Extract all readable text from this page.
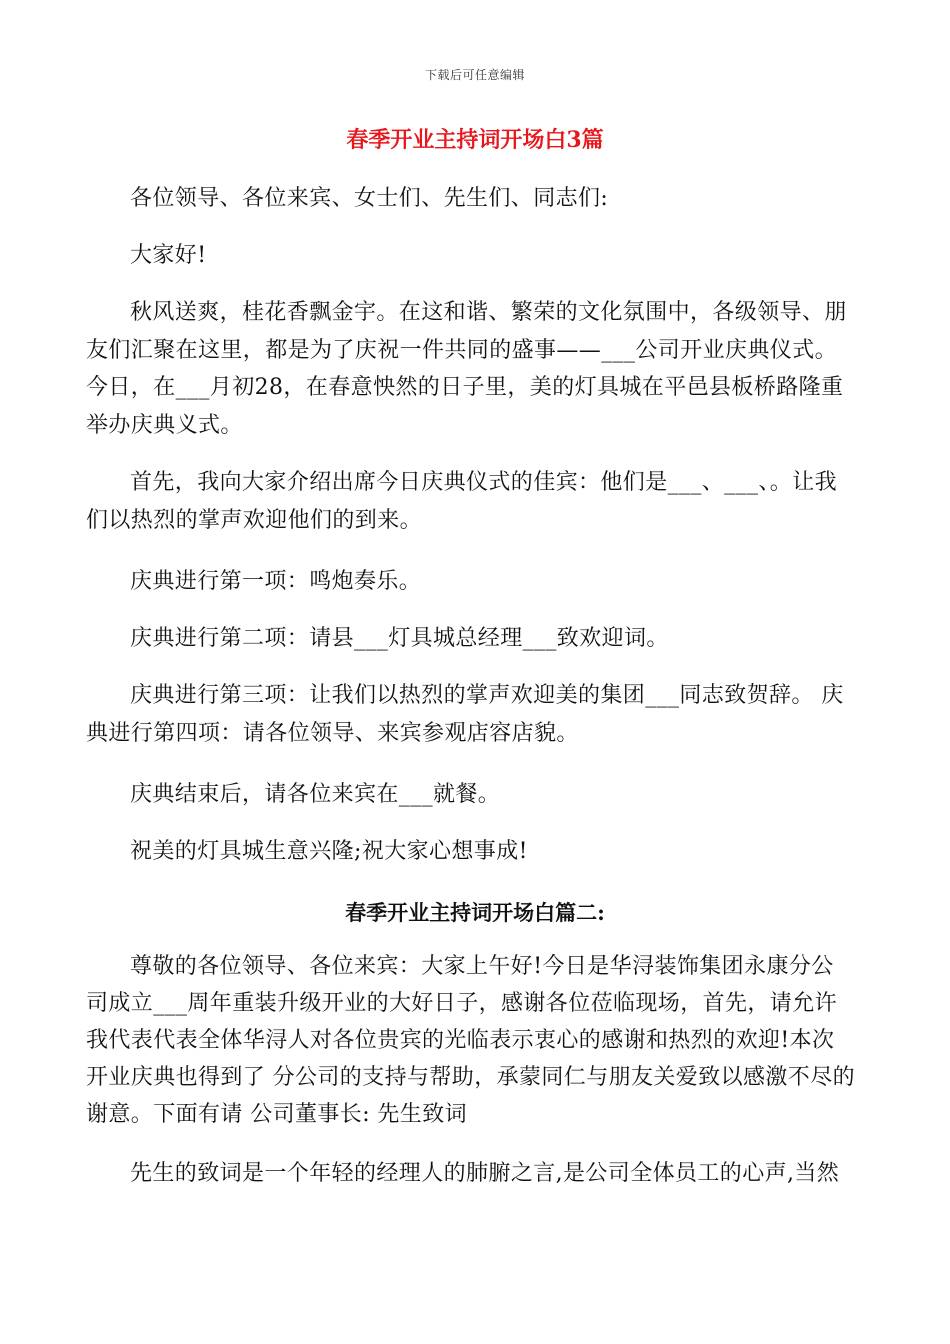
下载后可任意编辑
春季开业主持词开场白3篇
各位领导、各位来宾、女士们、先生们、同志们:
大家好!
秋风送爽，桂花香飘金宇。在这和谐、繁荣的文化氛围中，各级领导、朋友们汇聚在这里，都是为了庆祝一件共同的盛事——___公司开业庆典仪式。今日，在___月初28，在春意怏然的日子里，美的灯具城在平邑县板桥路隆重举办庆典义式。
首先，我向大家介绍出席今日庆典仪式的佳宾：他们是___、___、。让我们以热烈的掌声欢迎他们的到来。
庆典进行第一项：鸣炮奏乐。
庆典进行第二项：请县___灯具城总经理___致欢迎词。
庆典进行第三项：让我们以热烈的掌声欢迎美的集团___同志致贺辞。 庆典进行第四项：请各位领导、来宾参观店容店貌。
庆典结束后，请各位来宾在___就餐。
祝美的灯具城生意兴隆;祝大家心想事成!
春季开业主持词开场白篇二:
尊敬的各位领导、各位来宾：大家上午好!今日是华浔装饰集团永康分公司成立___周年重装升级开业的大好日子，感谢各位莅临现场，首先，请允许我代表代表全体华浔人对各位贵宾的光临表示衷心的感谢和热烈的欢迎!本次开业庆典也得到了 分公司的支持与帮助，承蒙同仁与朋友关爱致以感激不尽的谢意。下面有请 公司董事长: 先生致词
先生的致词是一个年轻的经理人的肺腑之言,是公司全体员工的心声,当然
